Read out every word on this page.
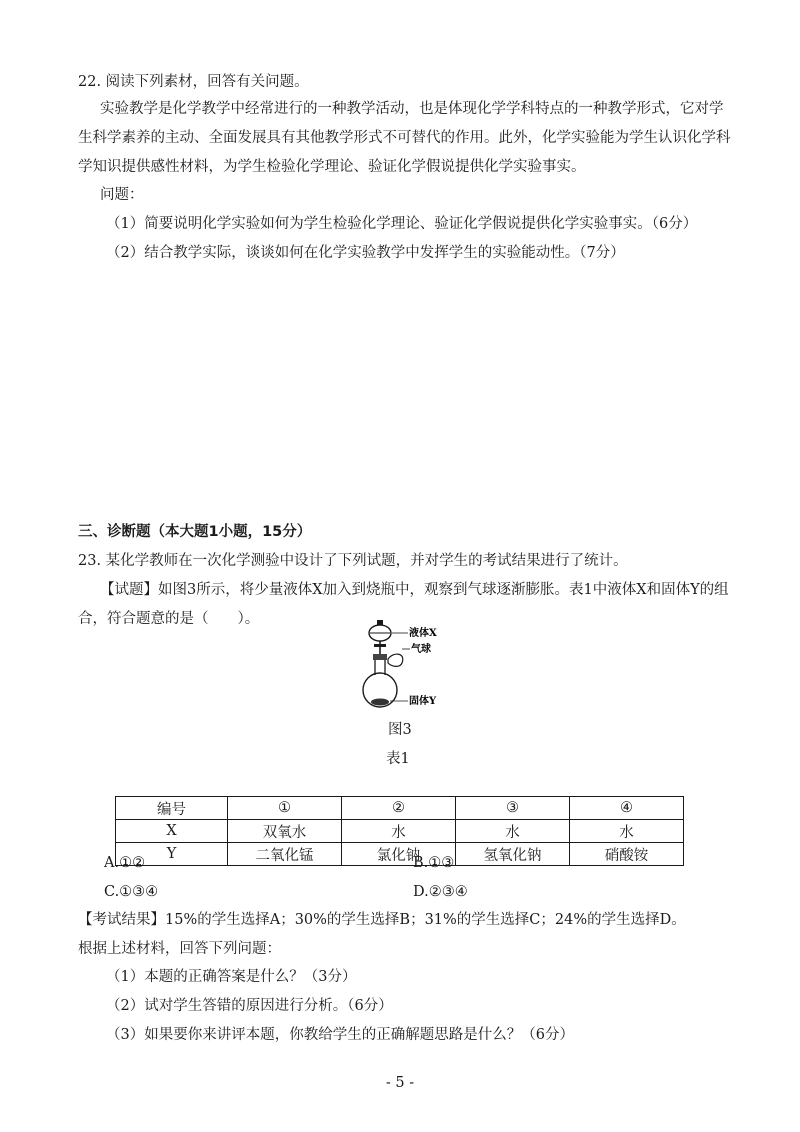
22. 阅读下列素材，回答有关问题。
实验教学是化学教学中经常进行的一种教学活动，也是体现化学学科特点的一种教学形式，它对学
生科学素养的主动、全面发展具有其他教学形式不可替代的作用。此外，化学实验能为学生认识化学科
学知识提供感性材料，为学生检验化学理论、验证化学假说提供化学实验事实。
问题：
（1）简要说明化学实验如何为学生检验化学理论、验证化学假说提供化学实验事实。（6分）
（2）结合教学实际，谈谈如何在化学实验教学中发挥学生的实验能动性。（7分）
三、诊断题（本大题1小题，15分）
23. 某化学教师在一次化学测验中设计了下列试题，并对学生的考试结果进行了统计。
【试题】如图3所示，将少量液体X加入到烧瓶中，观察到气球逐渐膨胀。表1中液体X和固体Y的组
合，符合题意的是（　　）。
液体X
气球
固体Y
图3
表1
编号	①	②	③	④
X	双氧水	水	水	水
Y	二氧化锰	氯化钠	氢氧化钠	硝酸铵
A.①②	B.①③
C.①③④	D.②③④
【考试结果】15%的学生选择A；30%的学生选择B；31%的学生选择C；24%的学生选择D。
根据上述材料，回答下列问题：
（1）本题的正确答案是什么？（3分）
（2）试对学生答错的原因进行分析。（6分）
（3）如果要你来讲评本题，你教给学生的正确解题思路是什么？（6分）
- 5 -
